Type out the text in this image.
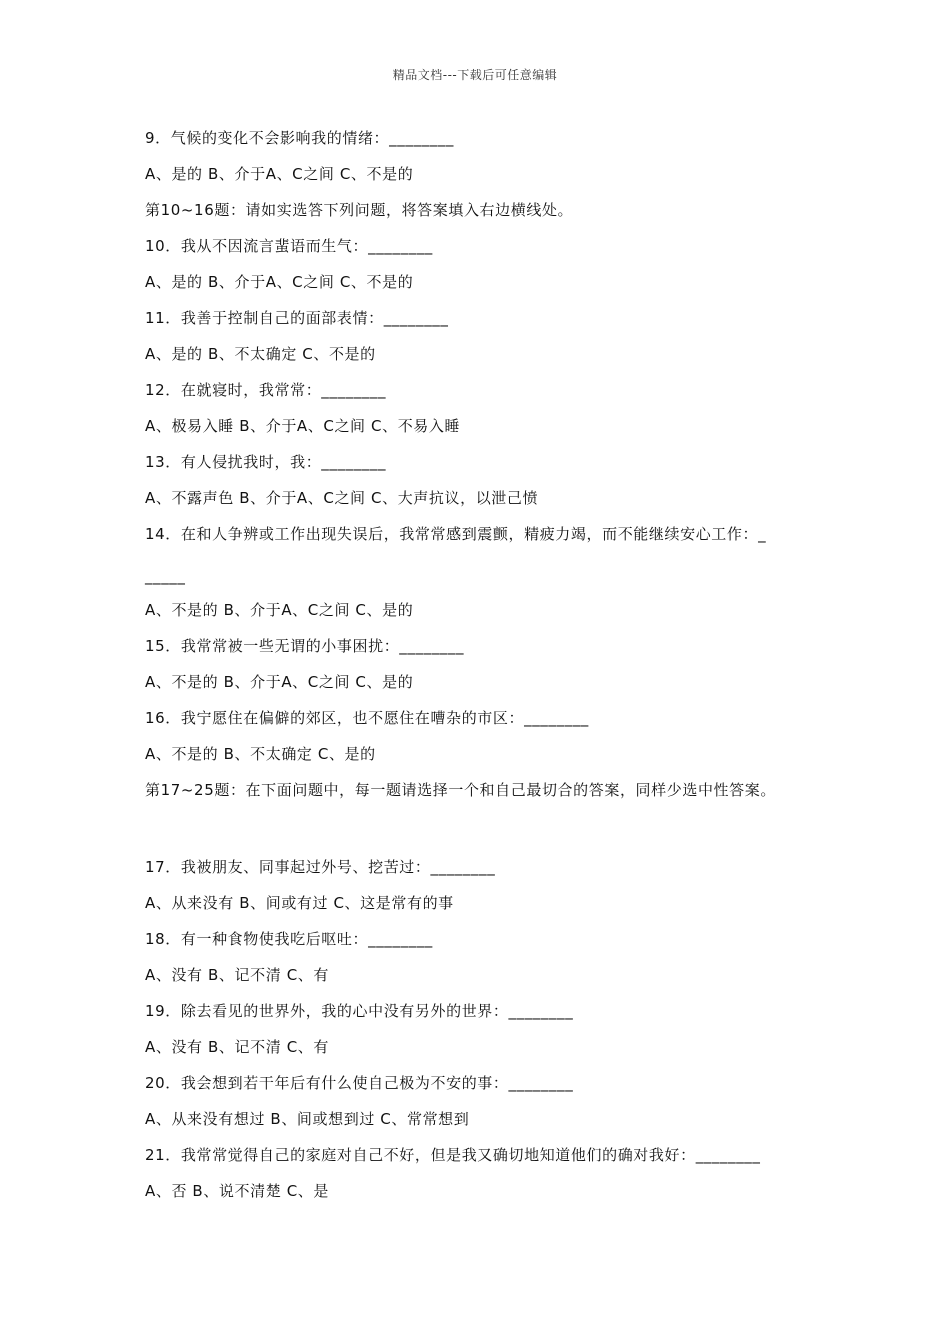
精品文档---下载后可任意编辑
9．气候的变化不会影响我的情绪：________
A、是的 B、介于A、C之间 C、不是的
第10~16题：请如实选答下列问题，将答案填入右边横线处。
10．我从不因流言蜚语而生气：________
A、是的 B、介于A、C之间 C、不是的
11．我善于控制自己的面部表情：________
A、是的 B、不太确定 C、不是的
12．在就寝时，我常常：________
A、极易入睡 B、介于A、C之间 C、不易入睡
13．有人侵扰我时，我：________
A、不露声色 B、介于A、C之间 C、大声抗议，以泄己愤
14．在和人争辨或工作出现失误后，我常常感到震颤，精疲力竭，而不能继续安心工作：_
_____
A、不是的 B、介于A、C之间 C、是的
15．我常常被一些无谓的小事困扰：________
A、不是的 B、介于A、C之间 C、是的
16．我宁愿住在偏僻的郊区，也不愿住在嘈杂的市区：________
A、不是的 B、不太确定 C、是的
第17~25题：在下面问题中，每一题请选择一个和自己最切合的答案，同样少选中性答案。
17．我被朋友、同事起过外号、挖苦过：________
A、从来没有 B、间或有过 C、这是常有的事
18．有一种食物使我吃后呕吐：________
A、没有 B、记不清 C、有
19．除去看见的世界外，我的心中没有另外的世界：________
A、没有 B、记不清 C、有
20．我会想到若干年后有什么使自己极为不安的事：________
A、从来没有想过 B、间或想到过 C、常常想到
21．我常常觉得自己的家庭对自己不好，但是我又确切地知道他们的确对我好：________
A、否 B、说不清楚 C、是
